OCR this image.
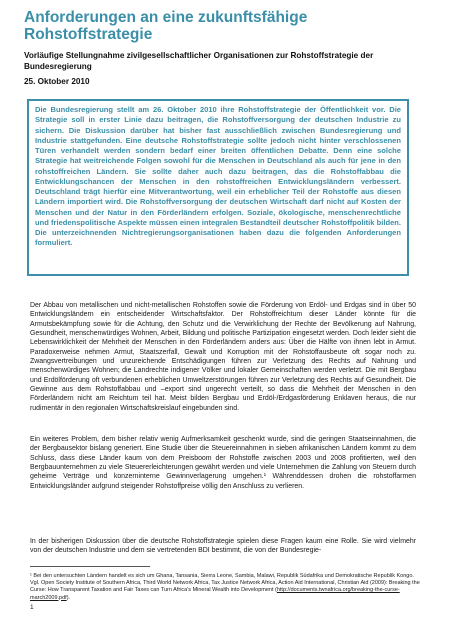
Anforderungen an eine zukunftsfähige Rohstoffstrategie

Vorläufige Stellungnahme zivilgesellschaftlicher Organisationen zur Rohstoffstrategie der Bundesregierung

25. Oktober 2010

Die Bundesregierung stellt am 26. Oktober 2010 ihre Rohstoffstrategie der Öffentlichkeit vor. Die Strategie soll in erster Linie dazu beitragen, die Rohstoffversorgung der deutschen Industrie zu sichern. Die Diskussion darüber hat bisher fast ausschließlich zwischen Bundesregierung und Industrie stattgefunden. Eine deutsche Rohstoffstrategie sollte jedoch nicht hinter verschlossenen Türen verhandelt werden sondern bedarf einer breiten öffentlichen Debatte. Denn eine solche Strategie hat weitreichende Folgen sowohl für die Menschen in Deutschland als auch für jene in den rohstoffreichen Ländern. Sie sollte daher auch dazu beitragen, das die Rohstoffabbau die Entwicklungschancen der Menschen in den rohstoffreichen Entwicklungsländern verbessert. Deutschland trägt hierfür eine Mitverantwortung, weil ein erheblicher Teil der Rohstoffe aus diesen Ländern importiert wird. Die Rohstoffversorgung der deutschen Wirtschaft darf nicht auf Kosten der Menschen und der Natur in den Förderländern erfolgen. Soziale, ökologische, menschenrechtliche und friedenspolitische Aspekte müssen einen integralen Bestandteil deutscher Rohstoffpolitik bilden. Die unterzeichnenden Nichtregierungsorganisationen haben dazu die folgenden Anforderungen formuliert.

Der Abbau von metallischen und nicht-metallischen Rohstoffen sowie die Förderung von Erdöl- und Erdgas sind in über 50 Entwicklungsländern ein entscheidender Wirtschaftsfaktor. Der Rohstoffreichtum dieser Länder könnte für die Armutsbekämpfung sowie für die Achtung, den Schutz und die Verwirklichung der Rechte der Bevölkerung auf Nahrung, Gesundheit, menschenwürdiges Wohnen, Arbeit, Bildung und politische Partizipation eingesetzt werden. Doch leider sieht die Lebenswirklichkeit der Mehrheit der Menschen in den Förderländern anders aus: Über die Hälfte von ihnen lebt in Armut. Paradoxerweise nehmen Armut, Staatszerfall, Gewalt und Korruption mit der Rohstoffausbeute oft sogar noch zu. Zwangsvertreibungen und unzureichende Entschädigungen führen zur Verletzung des Rechts auf Nahrung und menschenwürdiges Wohnen; die Landrechte indigener Völker und lokaler Gemeinschaften werden verletzt. Die mit Bergbau und Erdölförderung oft verbundenen erheblichen Umweltzerstörungen führen zur Verletzung des Rechts auf Gesundheit. Die Gewinne aus dem Rohstoffabbau und –export sind ungerecht verteilt, so dass die Mehrheit der Menschen in den Förderländern nicht am Reichtum teil hat. Meist bilden Bergbau und Erdöl-/Erdgasförderung Enklaven heraus, die nur rudimentär in den regionalen Wirtschaftskreislauf eingebunden sind.

Ein weiteres Problem, dem bisher relativ wenig Aufmerksamkeit geschenkt wurde, sind die geringen Staatseinnahmen, die der Bergbausektor bislang generiert. Eine Studie über die Steuereinnahmen in sieben afrikanischen Ländern kommt zu dem Schluss, dass diese Länder kaum von dem Preisboom der Rohstoffe zwischen 2003 und 2008 profitierten, weil den Bergbauunternehmen zu viele Steuererleichterungen gewährt werden und viele Unternehmen die Zahlung von Steuern durch geheime Verträge und konzerninterne Gewinnverlagerung umgehen.¹ Währenddessen drohen die rohstoffarmen Entwicklungsländer aufgrund steigender Rohstoffpreise völlig den Anschluss zu verlieren.

In der bisherigen Diskussion über die deutsche Rohstoffstrategie spielen diese Fragen kaum eine Rolle. Sie wird vielmehr von der deutschen Industrie und dem sie vertretenden BDI bestimmt, die von der Bundesregie-

¹ Bei den untersuchten Ländern handelt es sich um Ghana, Tansania, Sierra Leone, Sambia, Malawi, Republik Südafrika und Demokratische Republik Kongo. Vgl. Open Society Institute of Southern Africa, Third World Network Africa, Tax Justice Network Africa, Action Aid International, Christian Aid (2009): Breaking the Curse: How Transparent Taxation and Fair Taxes can Turn Africa's Mineral Wealth into Development (http://documents.twnafrica.org/breaking-the-curse-march2009.pdf).

1
